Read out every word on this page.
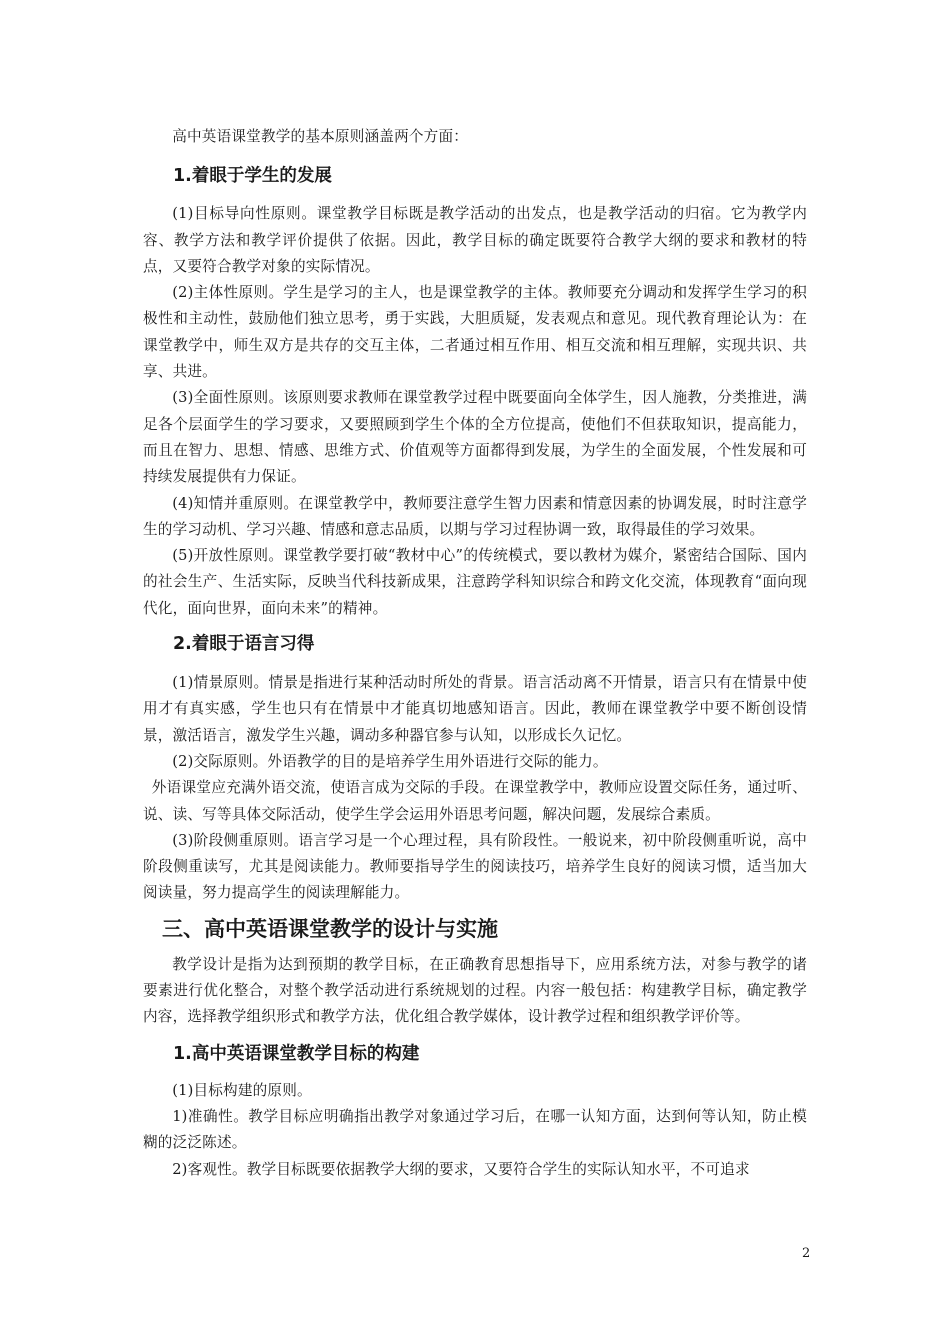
高中英语课堂教学的基本原则涵盖两个方面：

1.着眼于学生的发展

(1)目标导向性原则。课堂教学目标既是教学活动的出发点，也是教学活动的归宿。它为教学内容、教学方法和教学评价提供了依据。因此，教学目标的确定既要符合教学大纲的要求和教材的特点，又要符合教学对象的实际情况。

(2)主体性原则。学生是学习的主人，也是课堂教学的主体。教师要充分调动和发挥学生学习的积极性和主动性，鼓励他们独立思考，勇于实践，大胆质疑，发表观点和意见。现代教育理论认为：在课堂教学中，师生双方是共存的交互主体，二者通过相互作用、相互交流和相互理解，实现共识、共享、共进。

(3)全面性原则。该原则要求教师在课堂教学过程中既要面向全体学生，因人施教，分类推进，满足各个层面学生的学习要求，又要照顾到学生个体的全方位提高，使他们不但获取知识，提高能力，而且在智力、思想、情感、思维方式、价值观等方面都得到发展，为学生的全面发展，个性发展和可持续发展提供有力保证。

(4)知情并重原则。在课堂教学中，教师要注意学生智力因素和情意因素的协调发展，时时注意学生的学习动机、学习兴趣、情感和意志品质，以期与学习过程协调一致，取得最佳的学习效果。

(5)开放性原则。课堂教学要打破“教材中心”的传统模式，要以教材为媒介，紧密结合国际、国内的社会生产、生活实际，反映当代科技新成果，注意跨学科知识综合和跨文化交流，体现教育“面向现代化，面向世界，面向未来”的精神。

2.着眼于语言习得

(1)情景原则。情景是指进行某种活动时所处的背景。语言活动离不开情景，语言只有在情景中使用才有真实感，学生也只有在情景中才能真切地感知语言。因此，教师在课堂教学中要不断创设情景，激活语言，激发学生兴趣，调动多种器官参与认知，以形成长久记忆。

(2)交际原则。外语教学的目的是培养学生用外语进行交际的能力。

外语课堂应充满外语交流，使语言成为交际的手段。在课堂教学中，教师应设置交际任务，通过听、说、读、写等具体交际活动，使学生学会运用外语思考问题，解决问题，发展综合素质。

(3)阶段侧重原则。语言学习是一个心理过程，具有阶段性。一般说来，初中阶段侧重听说，高中阶段侧重读写，尤其是阅读能力。教师要指导学生的阅读技巧，培养学生良好的阅读习惯，适当加大阅读量，努力提高学生的阅读理解能力。

三、高中英语课堂教学的设计与实施

教学设计是指为达到预期的教学目标，在正确教育思想指导下，应用系统方法，对参与教学的诸要素进行优化整合，对整个教学活动进行系统规划的过程。内容一般包括：构建教学目标，确定教学内容，选择教学组织形式和教学方法，优化组合教学媒体，设计教学过程和组织教学评价等。

1.高中英语课堂教学目标的构建

(1)目标构建的原则。

1)准确性。教学目标应明确指出教学对象通过学习后，在哪一认知方面，达到何等认知，防止模糊的泛泛陈述。

2)客观性。教学目标既要依据教学大纲的要求，又要符合学生的实际认知水平，不可追求

2
